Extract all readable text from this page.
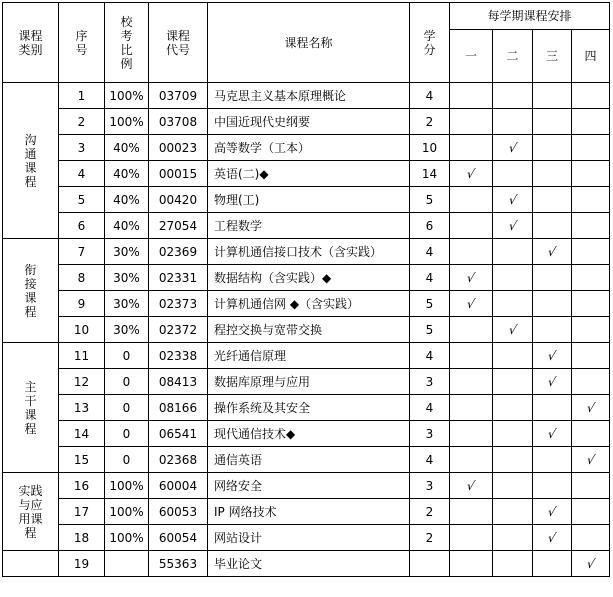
课程类别	序号	校考比例	课程代号	课程名称	学分	每学期课程安排			
						一	二	三	四
沟通课程	1	100%	03709	马克思主义基本原理概论	4				
	2	100%	03708	中国近现代史纲要	2				
	3	40%	00023	高等数学（工本）	10		√		
	4	40%	00015	英语(二)◆	14	√			
	5	40%	00420	物理(工)	5		√		
	6	40%	27054	工程数学	6		√		
衔接课程	7	30%	02369	计算机通信接口技术（含实践）	4			√	
	8	30%	02331	数据结构（含实践）◆	4	√			
	9	30%	02373	计算机通信网 ◆（含实践）	5	√			
	10	30%	02372	程控交换与宽带交换	5		√		
主干课程	11	0	02338	光纤通信原理	4			√	
	12	0	08413	数据库原理与应用	3			√	
	13	0	08166	操作系统及其安全	4				√
	14	0	06541	现代通信技术◆	3			√	
	15	0	02368	通信英语	4				√
实践与应用课程	16	100%	60004	网络安全	3	√			
	17	100%	60053	IP 网络技术	2			√	
	18	100%	60054	网站设计	2			√	
	19		55363	毕业论文					√
